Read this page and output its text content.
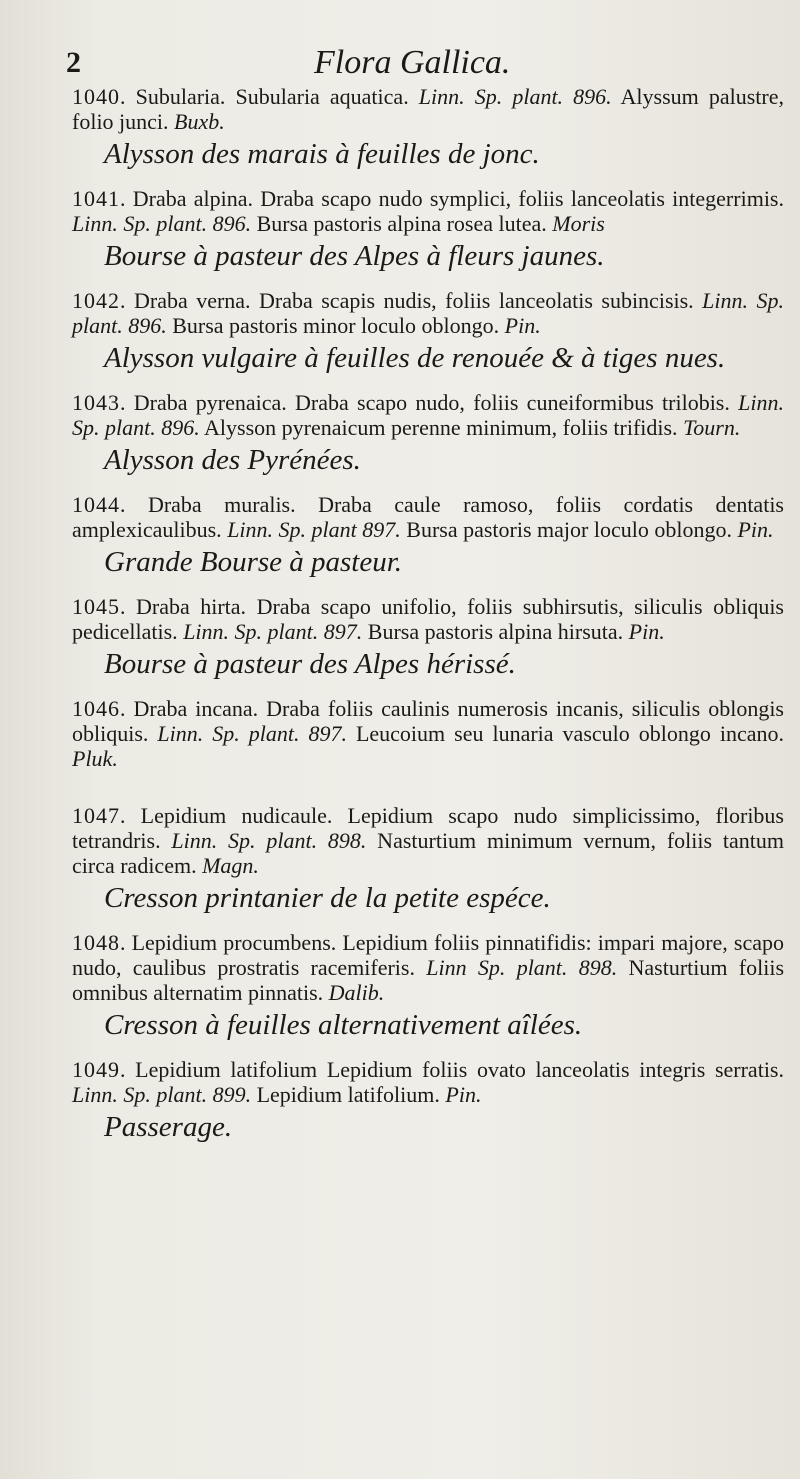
2	Flora Gallica.

1040. Subularia. Subularia aquatica. Linn. Sp. plant. 896. Alyssum palustre, folio junci. Buxb.

Alysson des marais à feuilles de jonc.

1041. Draba alpina. Draba scapo nudo symplici, foliis lanceolatis integerrimis. Linn. Sp. plant. 896. Bursa pastoris alpina rosea lutea. Moris

Bourse à pasteur des Alpes à fleurs jaunes.

1042. Draba verna. Draba scapis nudis, foliis lanceolatis subincisis. Linn. Sp. plant. 896. Bursa pastoris minor loculo oblongo. Pin.

Alysson vulgaire à feuilles de renouée & à tiges nues.

1043. Draba pyrenaica. Draba scapo nudo, foliis cuneiformibus trilobis. Linn. Sp. plant. 896. Alysson pyrenaicum perenne minimum, foliis trifidis. Tourn.

Alysson des Pyrénées.

1044. Draba muralis. Draba caule ramoso, foliis cordatis dentatis amplexicaulibus. Linn. Sp. plant 897. Bursa pastoris major loculo oblongo. Pin.

Grande Bourse à pasteur.

1045. Draba hirta. Draba scapo unifolio, foliis subhirsutis, siliculis obliquis pedicellatis. Linn. Sp. plant. 897. Bursa pastoris alpina hirsuta. Pin.

Bourse à pasteur des Alpes hérissé.

1046. Draba incana. Draba foliis caulinis numerosis incanis, siliculis oblongis obliquis. Linn. Sp. plant. 897. Leucoium seu lunaria vasculo oblongo incano. Pluk.

1047. Lepidium nudicaule. Lepidium scapo nudo simplicissimo, floribus tetrandris. Linn. Sp. plant. 898. Nasturtium minimum vernum, foliis tantum circa radicem. Magn.

Cresson printanier de la petite espéce.

1048. Lepidium procumbens. Lepidium foliis pinnatifidis: impari majore, scapo nudo, caulibus prostratis racemiferis. Linn Sp. plant. 898. Nasturtium foliis omnibus alternatim pinnatis. Dalib.

Cresson à feuilles alternativement aîlées.

1049. Lepidium latifolium Lepidium foliis ovato lanceolatis integris serratis. Linn. Sp. plant. 899. Lepidium latifolium. Pin.

Passerage.
